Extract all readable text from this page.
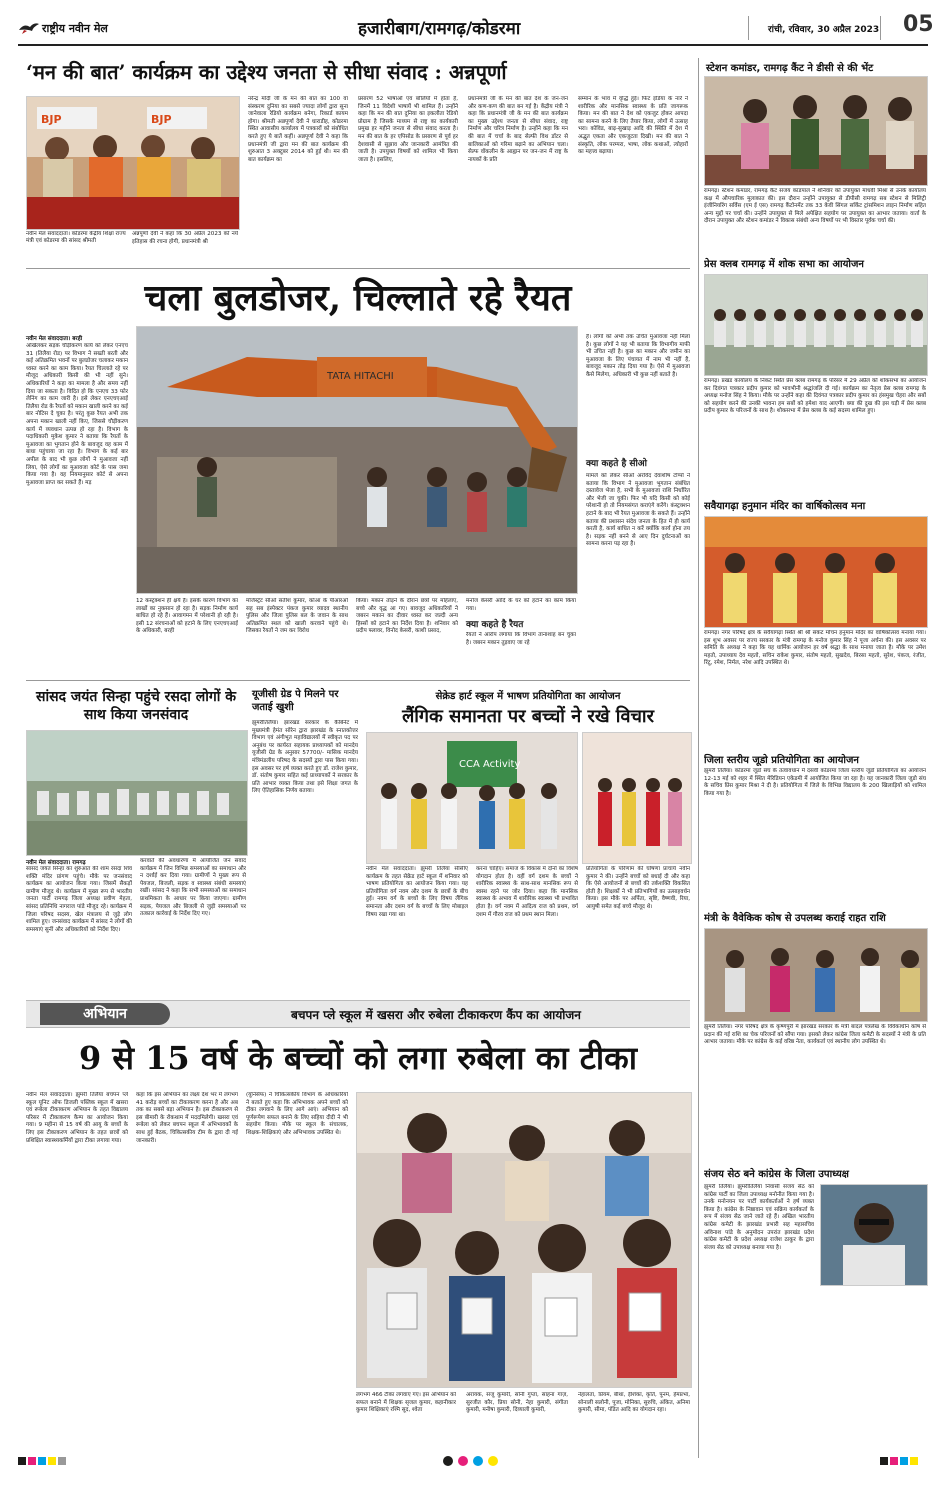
राष्ट्रीय नवीन मेल	हजारीबाग/रामगढ़/कोडरमा	रांची, रविवार, 30 अप्रैल 2023 05
‘मन की बात’ कार्यक्रम का उद्देश्य जनता से सीधा संवाद : अन्नपूर्णा
BJP	BJP
नवीन मेल संवाददाता। कोडरमा केंद्रीय शिक्षा राज्य मंत्री एवं कोडरमा की सांसद श्रीमती
अन्नपूर्णा देवी ने कहा कि 30 अप्रैल 2023 को नये इतिहास की रचना होगी, प्रधानमंत्री श्री
नरेन्द्र मोदी जी के मन की बात का 100 वां संस्करण दुनिया का सबसे ज्यादा लोगों द्वारा सुना जानेवाला रेडियो कार्यक्रम बनेगा, रिकार्ड कायम होगा। श्रीमती अन्नपूर्णा देवी ने धाराडीह, कोडरमा स्थित आवासीय कार्यालय में पत्रकारों को संबोधित करते हुए ये बातें कहीं। अन्नपूर्णा देवी ने कहा कि प्रधानमंत्री जी द्वारा मन की बात कार्यक्रम की शुरुआत 3 अक्टूबर 2014 को हुई थी। मन की बात कार्यक्रम का
प्रसारण 52 भाषाओं एवं बोलियों में होता है, जिनमें 11 विदेशी भाषायें भी शामिल हैं। उन्होंने कहा कि मन की बात दुनिया का इकलौता रेडियो प्रोग्राम है जिसके माध्यम से राष्ट्र का कार्यकारी प्रमुख हर महीने जनता से सीधा संवाद करता है। मन की बात के हर एपिसोड के प्रसारण से पूर्व हर देशवासी से सुझाव और जानकारी आमंत्रित की जाती है। उपयुक्त विषयों को शामिल भी किया जाता है। इसलिए,
प्रधानमंत्री जी के मन की बात देश के जन-जन और कण-कण की बात बन गई है। केंद्रीय मंत्री ने कहा कि प्रधानमंत्री जी के मन की बात कार्यक्रम का मुख्य उद्देश्य जनता से सीधा संवाद, राष्ट्र निर्माण और चरित्र निर्माण है। उन्होंने कहा कि मन की बात में चर्चा के बाद सेल्फी विथ डॉटर से बालिकाओं को गरिमा बढ़ाने का अभियान चला। सेल्फ वॉकलीन के आह्वान पर जन-जन में राष्ट्र के नायकों के प्रति
सम्मान के भाव में वृद्धि हुई। फिट इंडिया के नारे ने शारीरिक और मानसिक स्वास्थ्य के प्रति जागरूक किया। मन की बात ने देश को एकजुट होकर आपदा का सामना करने के लिए तैयार किया, लोगों में उत्साह भरा। कोविड, बाढ़-सुखाड़ आदि की स्थिति में देश में अद्भुत एकता और एकजुटता दिखी। मन की बात ने संस्कृति, लोक परम्परा, भाषा, लोक कथाओं, त्योहारों का महत्त्व बढ़ाया।
चला बुलडोजर, चिल्लाते रहे रैयत
नवीन मेल संवाददाता। बरही
अखिलकर सड़क चौड़ीकरण कार्य को लेकर एनएच 31 (तिलैया रोड) पर विभाग ने सख्ती बरती और कई अतिक्रमित भवनों पर बुलडोजर चलाकर मकान ध्वस्त करने का काम किया। रैयत चिल्लाते रहे पर मौजूद अधिकारी किसी की भी नहीं सुने। अधिकारियों ने कहा का मामला है और समय नहीं दिया जा सकता है। विदित हो कि एनएच 33 फोर लेनिंग का काम जारी है। इसे लेकर एनएचएआई तिलैया रोड के रैयतों को मकान खाली करने का कई बार नोटिस दे चुका है। परंतु कुछ रैयत अभी तक अपना मकान खाली नहीं किए, जिससे चौड़ीकरण कार्य में व्यवधान उत्पन्न हो रहा है। विभाग के पदाधिकारी मुकेश कुमार ने बताया कि रैयतों के मुआवजा का भुगतान होने के बावजूद वह काम में बाधा पहुंचाया जा रहा है। विभाग के कई बार अपील के बाद भी कुछ लोगों ने मुआवजा नहीं लिया, ऐसे लोगों का मुआवजा कोर्ट के पास जमा किया गया है। वह नियमानुसार कोर्ट से अपना मुआवजा प्राप्त कर सकते हैं। मड़
TATA HITACHI
12 कंस्ट्रक्शन ही क्षये हैं। इसके कारण विभाग का लाखों का नुकसान हो रहा है। सड़क निर्माण कार्य बाधित हो रहे हैं। आवागमन में परेशानी हो रही है। इसी 12 संरचनाओं को हटाने के लिए एनएचएआई के अधिकारी, बरही
मजिस्ट्रेट सीओ सतीश कुमार, कोआ के पीआरओ सह सब इंस्पेक्टर पंकज कुमार व्यादव स्थानीय पुलिस और जिला पुलिस बल के जवान के साथ अतिक्रमित स्थल को खाली करवाने पहुंचे थे। जिसका रैयतों ने जम कर विरोध
किया। मकान तोड़ने के दौरान छत्रों पर महिलाएं, बच्चे और वृद्ध आ गए। बावजूद अधिकारियों ने जबरन मकान का दीवार ध्वस्त कर जल्दी अन्य हिस्सों को हटाने का निर्देश दिया है। शनिवार को प्रदीप फ्लावर, विनोद केसरी, काशी प्रसाद,
मनोज केसरी आदि के घर को हटाने का काम किया गया।
क्या कहते है रैयत
रैयतों ने आरोप लगाया कि विभाग तानाशाह बन चुका है। जबरन मकान तुड़वाए जा रहे
है। लोगों को अभी तक उचित मुआवजा नहीं मिला है। कुछ लोगों ने यह भी बताया कि विभागीय माफी भी उचित नहीं है। कुछ का मकान और जमीन का मुआवजा के लिए पंचायत में नाम भी नहीं है, बावजूद मकान तोड़ दिया गया है। ऐसे में मुआवजा कैसे मिलेगा, अधिकारी भी कुछ नहीं बताते है।
क्या कहते है सीओ
मामले को लेकर सीओ अरविंद देवाशीष टोप्पो ने बताया कि विभाग ने मुआवजा भुगतान संबंधित दस्तावेज भेजा है, सभी के मुआवजा राशि निर्धारित और भेजी जा चुकी। फिर भी यदि किसी को कोई परेशानी हो तो नियमसंगत कराएंगे करेंगे। कंस्ट्रक्शन हटाने के बाद भी रैयत मुआवजा के सकते हैं। उन्होंने बताया की प्रशासन संदेव जनता के हित में ही कार्य करती है, कार्य बाधित न करें क्योंकि कार्य होना तय है। सड़क नहीं बनने से आए दिन दुर्घटनाओं का सामना करना पड़ रहा है।
सांसद जयंत सिन्हा पहुंचे रसदा लोगों के साथ किया जनसंवाद
नवीन मेल संवाददाता। रामगढ़
सांसद जयंत सिन्हा का शुरुआत की शाम रसदा शिव शक्ति मंदिर प्रांगण पहुंचे। मौके पर जनसंवाद कार्यक्रम का आयोजन किया गया। जिसमें सैकड़ों ग्रामीण मौजूद थे। कार्यक्रम में मुख्य रूप से भारतीय जनता पार्टी रामगढ़ जिला अध्यक्ष प्रवीण मेहता, सांसद प्रतिनिधि नागराज पांडे मौजूद रहे। कार्यक्रम में जिला परिषद सदस्य, खेल मंत्रालय से जुड़े लोग शामिल हुए। जनसंवाद कार्यक्रम में सांसद ने लोगों की समस्याएं सुनीं और अधिकारियों को निर्देश दिए।
करवाते की अवधारणा में आयोजित जन संवाद कार्यक्रम में जिन विभिन्न समस्याओं का समाधान और न दर्शाई कर दिया गया। ग्रामीणों ने मुख्य रूप से पेयजल, बिजली, सड़क व स्वास्थ्य संबंधी समस्याएं रखीं। सांसद ने कहा कि सभी समस्याओं का समाधान प्राथमिकता के आधार पर किया जाएगा। ग्रामीण सड़क, पेयजल और बिजली से जुड़ी समस्याओं पर तत्काल कार्रवाई के निर्देश दिए गए।
यूजीसी ग्रेड पे मिलने पर जताई खुशी
झुमरीतिलैया। झारखंड सरकार के कैबिनेट में मुख्यमंत्री हेमंत सोरेन द्वारा झारखंड के स्नातकोत्तर विभाग एवं अंगीभूत महाविद्यालयों में स्वीकृत पद पर अनुबंध पर कार्यरत सहायक प्राध्यापकों को मानदेय यूजीसी ग्रेड के अनुसार 57700/- मासिक मानदेय मंत्रिमंडलीय परिषद के सदस्यों द्वारा पास किया गया। इस अवसर पर हर्ष व्यक्त करते हुए डॉ. राजेश कुमार, डॉ. संतोष कुमार सहित कई प्राध्यापकों ने सरकार के प्रति आभार व्यक्त किया तथा इसे शिक्षा जगत के लिए ऐतिहासिक निर्णय बताया।
सेक्रेड हार्ट स्कूल में भाषण प्रतियोगिता का आयोजन
लैंगिक समानता पर बच्चों ने रखे विचार
CCA Activity
नवीन मेल संवाददाता। झुमरी तिलैया सीसीए कार्यक्रम के तहत सेक्रेड हार्ट स्कूल में शनिवार को भाषण प्रतियोगिता का आयोजन किया गया। यह प्रतियोगिता वर्ग नवम और दशम के छात्रों के बीच हुई। नवम वर्ग के बच्चों के लिए विषय लैंगिक समानता और दशम वर्ग के बच्चों के लिए मोबाइल विषय रखा गया था।
करना चाहिए। समाज के विकास में दोनों का विशेष योगदान होता है। वहीं वर्ग दशम के बच्चों ने शारीरिक स्वास्थ्य के साथ-साथ मानसिक रूप से स्वस्थ रहने पर जोर दिया। कहा कि मानसिक स्वास्थ्य के अभाव में शारीरिक स्वास्थ्य भी प्रभावित होता है। वर्ग नवम में आदित्य राज को प्रथम, वर्ग दशम में गौरव राज को प्रथम स्थान मिला।
प्रतियोगिता के परिणाम की घोषणा प्राचार्य नवीन कुमार ने की। उन्होंने बच्चों को बधाई दी और कहा कि ऐसे आयोजनों से बच्चों की तर्कशक्ति विकसित होती है। शिक्षकों ने भी प्रतिभागियों का उत्साहवर्धन किया। इस मौके पर अर्पिता, सृष्टि, वैष्णवी, रिया, आयुषी समेत कई बच्चे मौजूद थे।
अभियान	बचपन प्ले स्कूल में खसरा और रुबेला टीकाकरण कैंप का आयोजन
9 से 15 वर्ष के बच्चों को लगा रुबेला का टीका
नवीन मेल संवाददाता। झुमरी तिलैया बचपन प्ले स्कूल यूनिट ऑफ डिजली पब्लिक स्कूल में खसरा एवं रूबेला टीकाकरण अभियान के तहत विद्यालय परिसर में टीकाकरण कैम्प का आयोजन किया गया। 9 महीना से 15 वर्ष की आयु के बच्चों के लिए इस टीकाकरण अभियान के तहत छात्रों को प्रशिक्षित स्वास्थ्यकर्मियों द्वारा टीका लगाया गया।
कहा कि इस अभियान का लक्ष्य देश भर में लगभग 41 करोड़ बच्चों का टीकाकरण करना है और अब तक का सबसे बड़ा अभियान है। इस टीकाकरण से इस बीमारी के रोकथाम में मददमिलेगी। खसरा एवं रूबेला को लेकर बचपन स्कूल में अभिभावकों के साथ हुई बैठक, चिकित्सकीय टीम के द्वारा दी गई जानकारी।
(यूनिसेफ) ने चिकित्सकीय विभाग के अधिकारियों ने बताते हुए कहा कि अभिभावक अपने बच्चों को टीका लगवाने के लिए आगे आएं। अभियान को पूर्णरूपेण सफल बनाने के लिए सहिया दीदी ने भी सहयोग किया। मौके पर स्कूल के संचालक, शिक्षक-शिक्षिकाएं और अभिभावक उपस्थित थे।
लगभग 466 टीका लगवाए गए। इस अभियान को सफल बनाने में शिक्षक सृजल कुमार, कहानीकार कुमार शिक्षिकाएं रश्मि सूद, श्वेता
अरायक, संजू कुमारी, सोनी गुप्ता, साहना गाज़, सुरजीत कौर, प्रिया सोनी, नेहा कुमारी, संगीता कुमारी, मनीषा कुमारी, दिव्याली कुमारी,
नेहालता, प्रियम, बीथा, ईशिका, कृति, पूनम, हेमप्रभा, सोनाली सलोनी, पूजा, मोनिका, सुरुचि, अंकित, अनिमा कुमारी, सीमा, पंडित आदि का योगदान रहा।
स्टेशन कमांडर, रामगढ़ कैंट ने डीसी से की भेंट
रामगढ़। स्टेशन कमांडर, रामगढ़ कैंट संजय कांडपाल ने शनिवार को उपायुक्त माधवी मिश्रा से उनके कार्यालय कक्ष में औपचारिक मुलाकात की। इस दौरान उन्होंने उपायुक्त से डीपीसी रामगढ़ सब स्टेशन से मिलिट्री इंजीनियरिंग सर्विस (एम ई एस) रामगढ़ कैंटोनमेंट तक 33 केवी सिंगल सर्किट ट्रांसमिशन लाइन निर्माण सहित अन्य मुद्दों पर चर्चा की। उन्होंने उपायुक्त से मिले अपेक्षित सहयोग पर उपायुक्त का आभार जताया। वार्ता के दौरान उपायुक्त और स्टेशन कमांडर ने विकास संबंधी अन्य विषयों पर भी विस्तार पूर्वक चर्चा की।
प्रेस क्लब रामगढ़ में शोक सभा का आयोजन
रामगढ़। प्रखंड कार्यालय के निकट स्थित प्रेस क्लब रामगढ़ के परिसर में 29 अप्रैल को शोकसभा का आयोजन कर दिवंगत पत्रकार प्रदीप कुमार को भावभीनी श्रद्धांजलि दी गई। कार्यक्रम का नेतृत्व प्रेस क्लब रामगढ़ के अध्यक्ष मनोज सिंह ने किया। मौके पर उन्होंने कहा की दिवंगत पत्रकार प्रदीप कुमार का हंसमुख चेहरा और सबों को सहयोग करने की उनकी भावना हम सबों को हमेशा याद आएगी। क्या की दुख की इस घड़ी में प्रेस क्लब प्रदीप कुमार के परिजनों के साथ है। शोकसभा में प्रेस क्लब के कई सदस्य शामिल हुए।
सवैयागढ़ा हनुमान मंदिर का वार्षिकोत्सव मना
रामगढ़। नगर परिषद क्षेत्र के सवैयागढ़ा स्थित श्री श्री संकट मोचन हनुमान मंदिर का वार्षिकोत्सव मनाया गया। इस शुभ अवसर पर राज्य सरकार के मंत्री रामगढ़ के मनोज कुमार सिंह ने पूजा अर्चना की। इस अवसर पर समिति के अध्यक्ष ने कहा कि यह धार्मिक आयोजन हर वर्ष श्रद्धा के साथ मनाया जाता है। मौके पर उमेश महतो, उपाध्याय देव महतो, सचिन राकेश कुमार, संतोष महतो, सुखदेव, बिरसा महतो, सुरेश, पंकज, रंजीत, रिंटू, रमेश, निर्मल, नरेश आदि उपस्थित थे।
जिला स्तरीय जूडो प्रतियोगिता का आयोजन
झुमरी तिलैया। कोडरमा जूडो संघ के तत्वावधान में दसवीं कोडरमा जिला स्तरीय जूडो प्रतियोगिता का आयोजन 12-13 मई को शहर में स्थित मेरिडियन एकेडमी में आयोजित किया जा रहा है। यह जानकारी जिला जूडो संघ के सचिव प्रिंस कुमार मिश्रा ने दी है। प्रतियोगिता में जिले के विभिन्न विद्यालय के 200 खिलाड़ियों को शामिल किया गया है।
मंत्री के वैवेकिक कोष से उपलब्ध कराई राहत राशि
झुमरी तिलैया। नगर परिषद क्षेत्र के कृष्णपुरी में झारखंड सरकार के मंत्री बादल पत्रलेख के विवेकाधीन कोष से प्रदान की गई राशि का चेक परिजनों को सौंपा गया। इसको लेकर कांग्रेस जिला कमेटी के सदस्यों ने मंत्री के प्रति आभार जताया। मौके पर कांग्रेस के कई वरिष्ठ नेता, कार्यकर्ता एवं स्थानीय लोग उपस्थित थे।
संजय सेठ बने कांग्रेस के जिला उपाध्यक्ष
झुमरी तिलैया। झुमरीतिलैया निवासी संजय सेठ को कांग्रेस पार्टी का जिला उपाध्यक्ष मनोनीत किया गया है। उनके मनोनयन पर पार्टी कार्यकर्ताओं ने हर्ष व्यक्त किया है। कांग्रेस के निष्ठावान एवं सक्रिय कार्यकर्ता के रूप में संजय सेठ जाने जाते रहे हैं। अखिल भारतीय कांग्रेस कमेटी के झारखंड प्रभारी सह महासचिव अविनाश पांडे के अनुमोदन उपरांत झारखंड प्रदेश कांग्रेस कमेटी के प्रदेश अध्यक्ष राजेश ठाकुर के द्वारा संजय सेठ को उपाध्यक्ष बनाया गया है।
